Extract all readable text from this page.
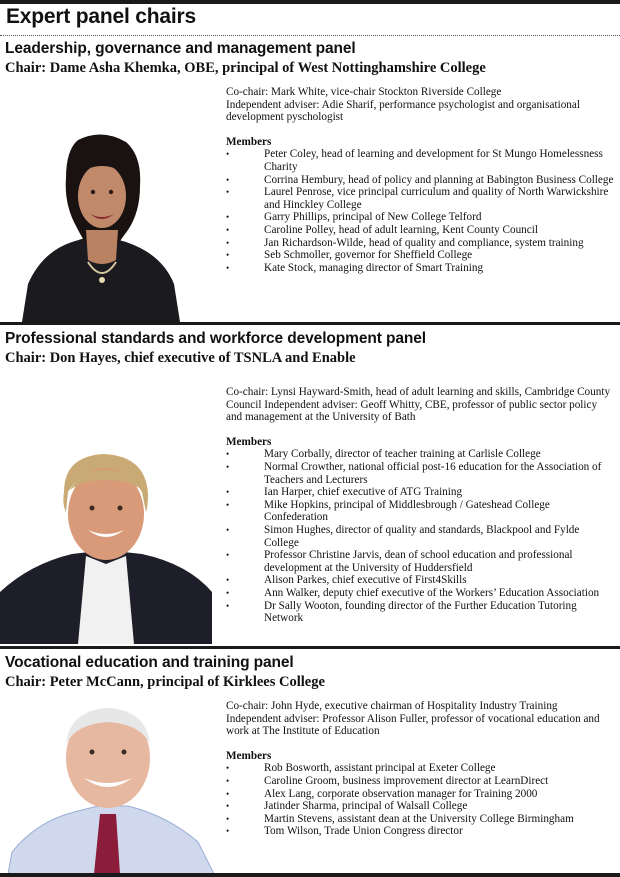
Expert panel chairs
Leadership, governance and management panel

Chair: Dame Asha Khemka, OBE, principal of West Nottinghamshire College

Co-chair: Mark White, vice-chair Stockton Riverside College

Independent adviser: Adie Sharif, performance psychologist and organisational development pyschologist

Members

• Peter Coley, head of learning and development for St Mungo Homelessness Charity
• Corrina Hembury, head of policy and planning at Babington Business College
• Laurel Penrose, vice principal curriculum and quality of North Warwickshire and Hinckley College
• Garry Phillips, principal of New College Telford
• Caroline Polley, head of adult learning, Kent County Council
• Jan Richardson-Wilde, head of quality and compliance, system training
• Seb Schmoller, governor for Sheffield College
• Kate Stock, managing director of Smart Training
Professional standards and workforce development panel

Chair: Don Hayes, chief executive of TSNLA and Enable

Co-chair: Lynsi Hayward-Smith, head of adult learning and skills, Cambridge County Council Independent adviser: Geoff Whitty, CBE, professor of public sector policy and management at the University of Bath

Members

• Mary Corbally, director of teacher training at Carlisle College
• Normal Crowther, national official post-16 education for the Association of Teachers and Lecturers
• Ian Harper, chief executive of ATG Training
• Mike Hopkins, principal of Middlesbrough / Gateshead College Confederation
• Simon Hughes, director of quality and standards, Blackpool and Fylde College
• Professor Christine Jarvis, dean of school education and professional development at the University of Huddersfield
• Alison Parkes, chief executive of First4Skills
• Ann Walker, deputy chief executive of the Workers’ Education Association
• Dr Sally Wooton, founding director of the Further Education Tutoring Network
Vocational education and training panel

Chair: Peter McCann, principal of Kirklees College

Co-chair: John Hyde, executive chairman of Hospitality Industry Training

Independent adviser: Professor Alison Fuller, professor of vocational education and work at The Institute of Education

Members

• Rob Bosworth, assistant principal at Exeter College
• Caroline Groom, business improvement director at LearnDirect
• Alex Lang, corporate observation manager for Training 2000
• Jatinder Sharma, principal of Walsall College
• Martin Stevens, assistant dean at the University College Birmingham
• Tom Wilson, Trade Union Congress director
